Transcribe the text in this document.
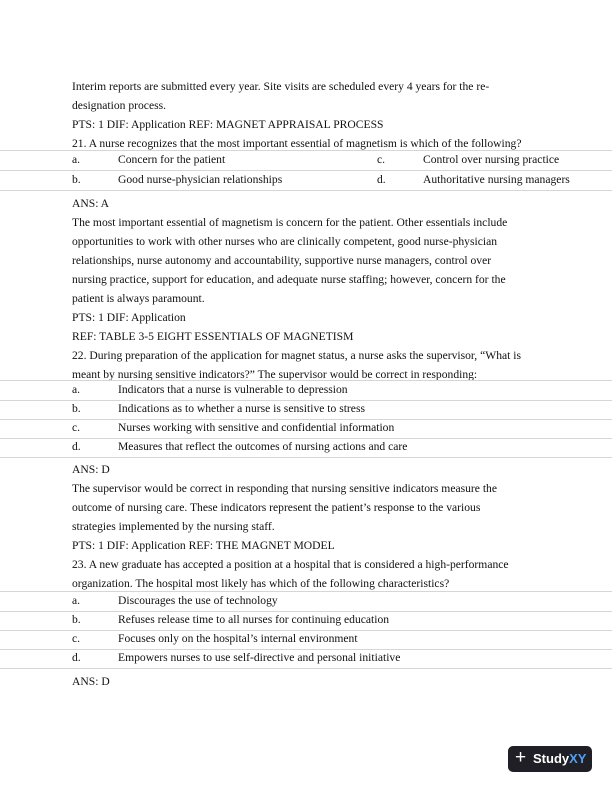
Interim reports are submitted every year. Site visits are scheduled every 4 years for the re-
designation process.
PTS: 1 DIF: Application REF: MAGNET APPRAISAL PROCESS
21. A nurse recognizes that the most important essential of magnetism is which of the following?
a.	Concern for the patient	c.	Control over nursing practice
b.	Good nurse-physician relationships	d.	Authoritative nursing managers
ANS: A
The most important essential of magnetism is concern for the patient. Other essentials include
opportunities to work with other nurses who are clinically competent, good nurse-physician
relationships, nurse autonomy and accountability, supportive nurse managers, control over
nursing practice, support for education, and adequate nurse staffing; however, concern for the
patient is always paramount.
PTS: 1 DIF: Application
REF: TABLE 3-5 EIGHT ESSENTIALS OF MAGNETISM
22. During preparation of the application for magnet status, a nurse asks the supervisor, “What is
meant by nursing sensitive indicators?” The supervisor would be correct in responding:
a.	Indicators that a nurse is vulnerable to depression
b.	Indications as to whether a nurse is sensitive to stress
c.	Nurses working with sensitive and confidential information
d.	Measures that reflect the outcomes of nursing actions and care
ANS: D
The supervisor would be correct in responding that nursing sensitive indicators measure the
outcome of nursing care. These indicators represent the patient’s response to the various
strategies implemented by the nursing staff.
PTS: 1 DIF: Application REF: THE MAGNET MODEL
23. A new graduate has accepted a position at a hospital that is considered a high-performance
organization. The hospital most likely has which of the following characteristics?
a.	Discourages the use of technology
b.	Refuses release time to all nurses for continuing education
c.	Focuses only on the hospital’s internal environment
d.	Empowers nurses to use self-directive and personal initiative
ANS: D
+ StudyXY
